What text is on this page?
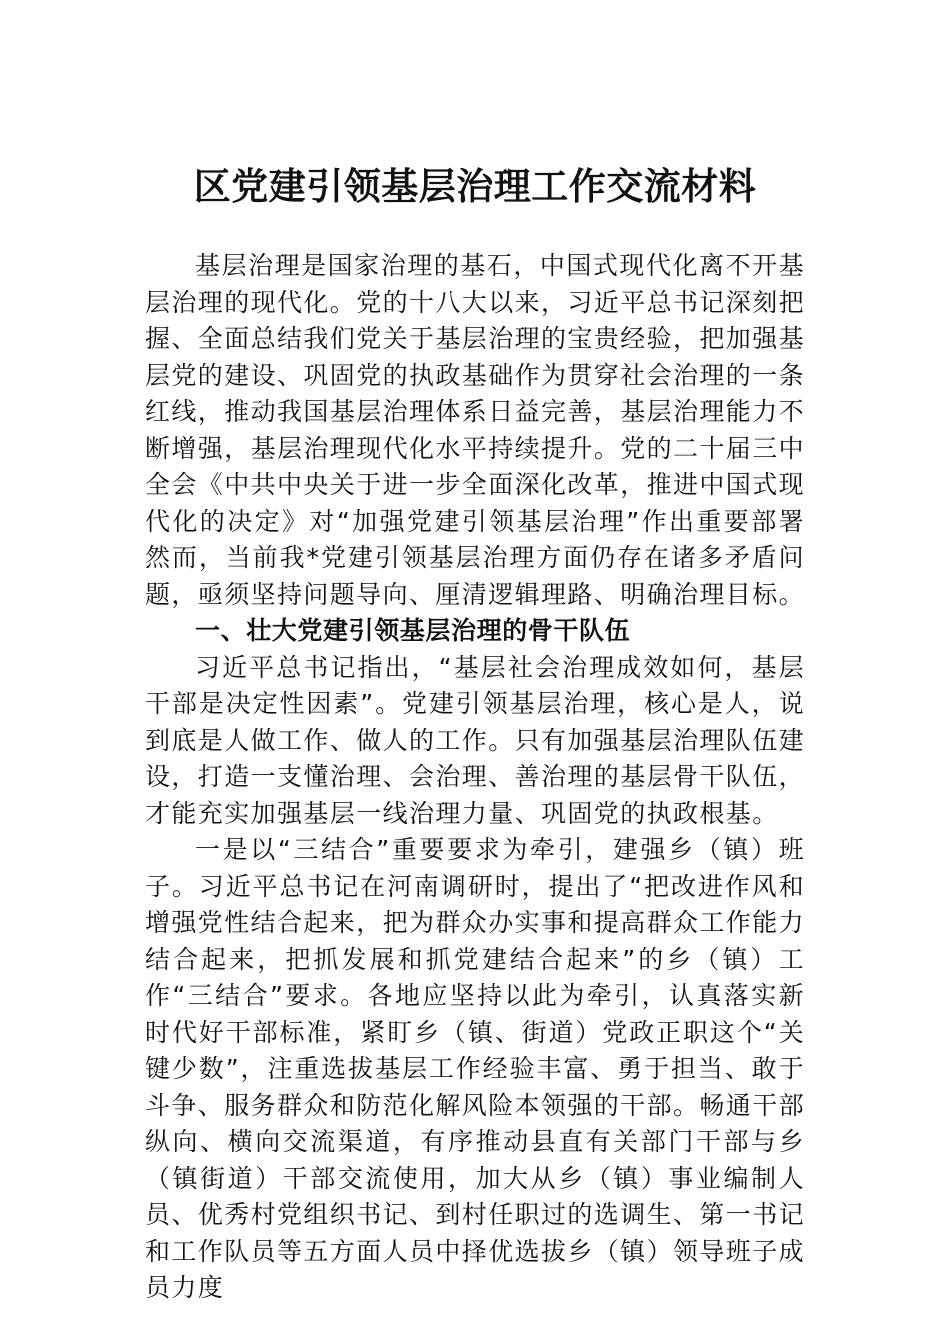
区党建引领基层治理工作交流材料

基层治理是国家治理的基石，中国式现代化离不开基层治理的现代化。党的十八大以来，习近平总书记深刻把握、全面总结我们党关于基层治理的宝贵经验，把加强基层党的建设、巩固党的执政基础作为贯穿社会治理的一条红线，推动我国基层治理体系日益完善，基层治理能力不断增强，基层治理现代化水平持续提升。党的二十届三中全会《中共中央关于进一步全面深化改革，推进中国式现代化的决定》对“加强党建引领基层治理”作出重要部署然而，当前我*党建引领基层治理方面仍存在诸多矛盾问题，亟须坚持问题导向、厘清逻辑理路、明确治理目标。

一、壮大党建引领基层治理的骨干队伍

习近平总书记指出，“基层社会治理成效如何，基层干部是决定性因素”。党建引领基层治理，核心是人，说到底是人做工作、做人的工作。只有加强基层治理队伍建设，打造一支懂治理、会治理、善治理的基层骨干队伍，才能充实加强基层一线治理力量、巩固党的执政根基。

一是以“三结合”重要要求为牵引，建强乡（镇）班子。习近平总书记在河南调研时，提出了“把改进作风和增强党性结合起来，把为群众办实事和提高群众工作能力结合起来，把抓发展和抓党建结合起来”的乡（镇）工作“三结合”要求。各地应坚持以此为牵引，认真落实新时代好干部标准，紧盯乡（镇、街道）党政正职这个“关键少数”，注重选拔基层工作经验丰富、勇于担当、敢于斗争、服务群众和防范化解风险本领强的干部。畅通干部纵向、横向交流渠道，有序推动县直有关部门干部与乡（镇街道）干部交流使用，加大从乡（镇）事业编制人员、优秀村党组织书记、到村任职过的选调生、第一书记和工作队员等五方面人员中择优选拔乡（镇）领导班子成员力度
